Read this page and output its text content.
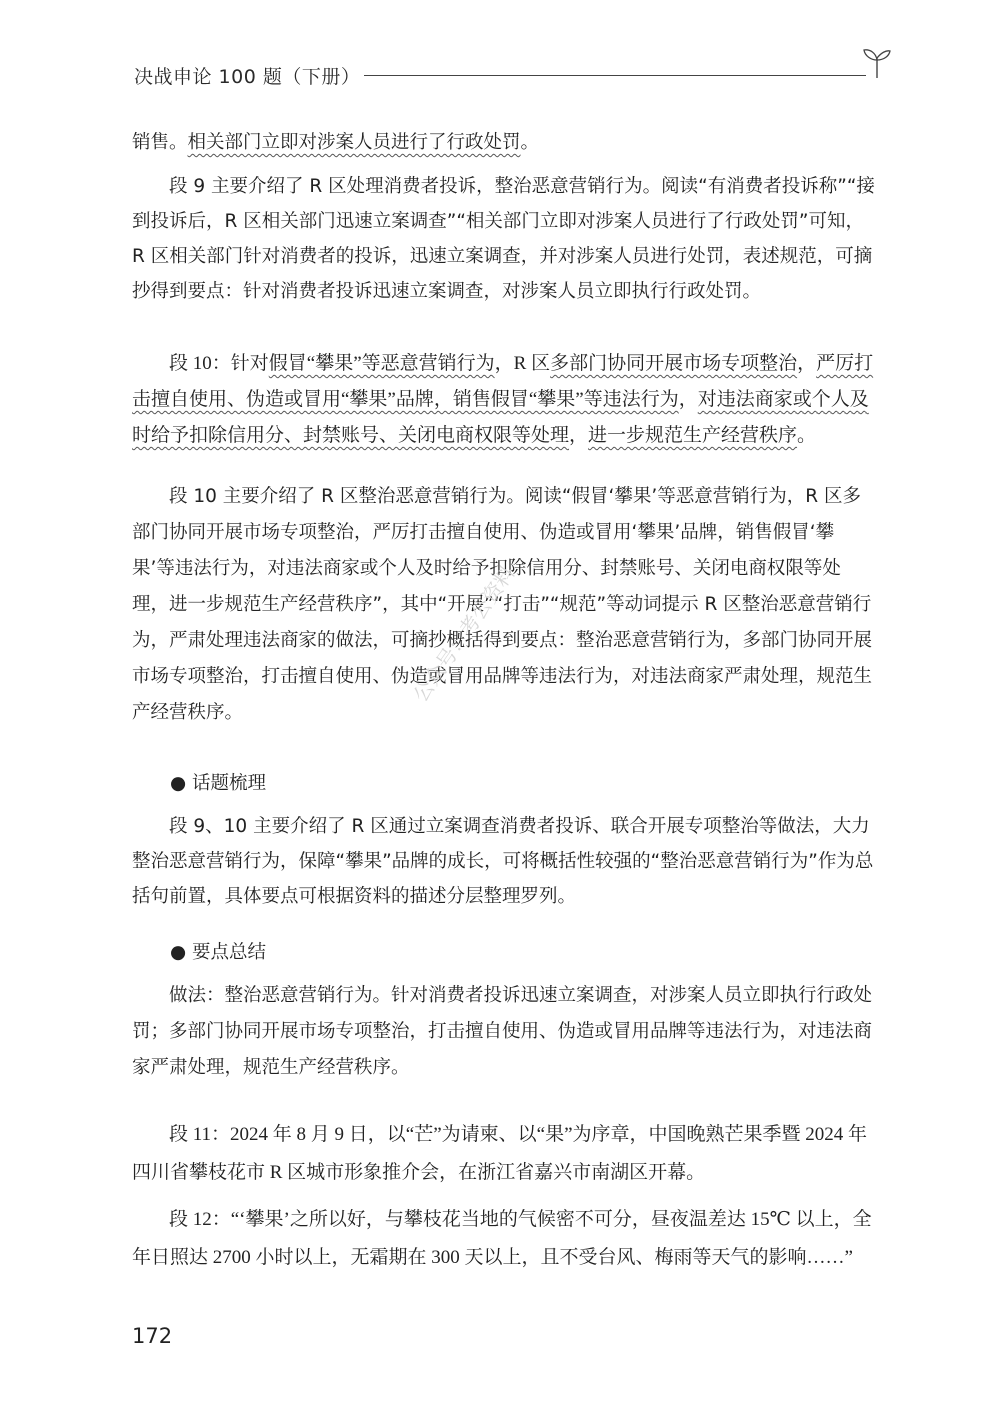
决战申论 100 题（下册）

销售。相关部门立即对涉案人员进行了行政处罚。

段 9 主要介绍了 R 区处理消费者投诉，整治恶意营销行为。阅读“有消费者投诉称”“接到投诉后，R 区相关部门迅速立案调查”“相关部门立即对涉案人员进行了行政处罚”可知，R 区相关部门针对消费者的投诉，迅速立案调查，并对涉案人员进行处罚，表述规范，可摘抄得到要点：针对消费者投诉迅速立案调查，对涉案人员立即执行行政处罚。

段 10：针对假冒“攀果”等恶意营销行为，R 区多部门协同开展市场专项整治，严厉打击擅自使用、伪造或冒用“攀果”品牌，销售假冒“攀果”等违法行为，对违法商家或个人及时给予扣除信用分、封禁账号、关闭电商权限等处理，进一步规范生产经营秩序。

段 10 主要介绍了 R 区整治恶意营销行为。阅读“假冒‘攀果’等恶意营销行为，R 区多部门协同开展市场专项整治，严厉打击擅自使用、伪造或冒用‘攀果’品牌，销售假冒‘攀果’等违法行为，对违法商家或个人及时给予扣除信用分、封禁账号、关闭电商权限等处理，进一步规范生产经营秩序”，其中“开展”“打击”“规范”等动词提示 R 区整治恶意营销行为，严肃处理违法商家的做法，可摘抄概括得到要点：整治恶意营销行为，多部门协同开展市场专项整治，打击擅自使用、伪造或冒用品牌等违法行为，对违法商家严肃处理，规范生产经营秩序。

● 话题梳理

段 9、10 主要介绍了 R 区通过立案调查消费者投诉、联合开展专项整治等做法，大力整治恶意营销行为，保障“攀果”品牌的成长，可将概括性较强的“整治恶意营销行为”作为总括句前置，具体要点可根据资料的描述分层整理罗列。

● 要点总结

做法：整治恶意营销行为。针对消费者投诉迅速立案调查，对涉案人员立即执行行政处罚；多部门协同开展市场专项整治，打击擅自使用、伪造或冒用品牌等违法行为，对违法商家严肃处理，规范生产经营秩序。

段 11：2024 年 8 月 9 日，以“芒”为请柬、以“果”为序章，中国晚熟芒果季暨 2024 年四川省攀枝花市 R 区城市形象推介会，在浙江省嘉兴市南湖区开幕。

段 12：“‘攀果’之所以好，与攀枝花当地的气候密不可分，昼夜温差达 15℃ 以上，全年日照达 2700 小时以上，无霜期在 300 天以上，且不受台风、梅雨等天气的影响……”

公众号：考公资料
172
